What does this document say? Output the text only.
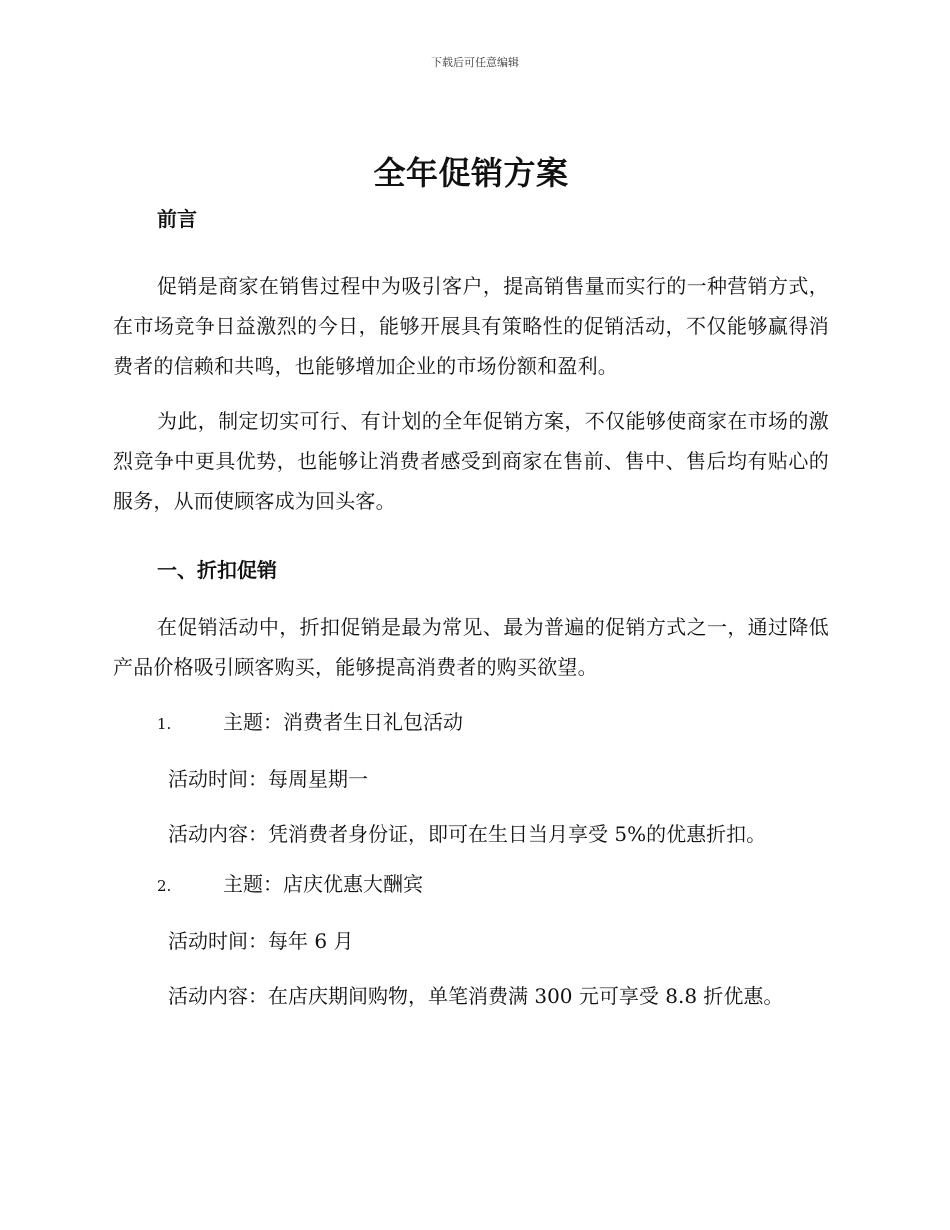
下载后可任意编辑
全年促销方案
前言

促销是商家在销售过程中为吸引客户，提高销售量而实行的一种营销方式，在市场竞争日益激烈的今日，能够开展具有策略性的促销活动，不仅能够赢得消费者的信赖和共鸣，也能够增加企业的市场份额和盈利。

为此，制定切实可行、有计划的全年促销方案，不仅能够使商家在市场的激烈竞争中更具优势，也能够让消费者感受到商家在售前、售中、售后均有贴心的服务，从而使顾客成为回头客。

一、折扣促销

在促销活动中，折扣促销是最为常见、最为普遍的促销方式之一，通过降低产品价格吸引顾客购买，能够提高消费者的购买欲望。

1.	主题：消费者生日礼包活动

活动时间：每周星期一

活动内容：凭消费者身份证，即可在生日当月享受 5%的优惠折扣。

2.	主题：店庆优惠大酬宾

活动时间：每年 6 月

活动内容：在店庆期间购物，单笔消费满 300 元可享受 8.8 折优惠。
